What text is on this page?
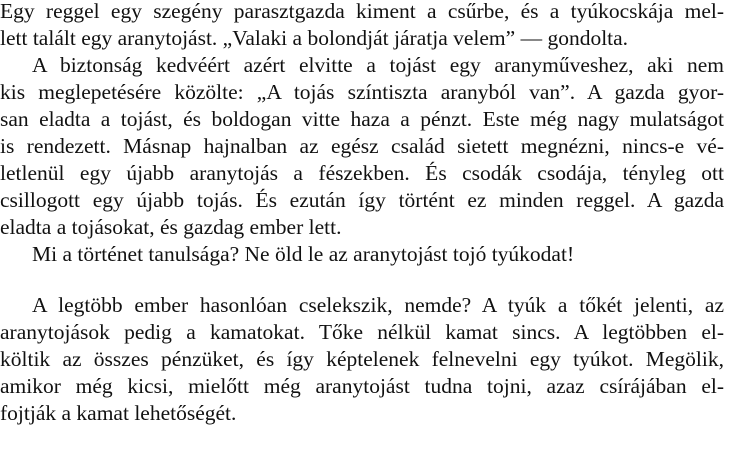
Egy reggel egy szegény parasztgazda kiment a csűrbe, és a tyúkocskája mel-
lett talált egy aranytojást. „Valaki a bolondját járatja velem” — gondolta.
A biztonság kedvéért azért elvitte a tojást egy aranyműveshez, aki nem
kis meglepetésére közölte: „A tojás színtiszta aranyból van”. A gazda gyor-
san eladta a tojást, és boldogan vitte haza a pénzt. Este még nagy mulatságot
is rendezett. Másnap hajnalban az egész család sietett megnézni, nincs-e vé-
letlenül egy újabb aranytojás a fészekben. És csodák csodája, tényleg ott
csillogott egy újabb tojás. És ezután így történt ez minden reggel. A gazda
eladta a tojásokat, és gazdag ember lett.
Mi a történet tanulsága? Ne öld le az aranytojást tojó tyúkodat!
A legtöbb ember hasonlóan cselekszik, nemde? A tyúk a tőkét jelenti, az
aranytojások pedig a kamatokat. Tőke nélkül kamat sincs. A legtöbben el-
költik az összes pénzüket, és így képtelenek felnevelni egy tyúkot. Megölik,
amikor még kicsi, mielőtt még aranytojást tudna tojni, azaz csírájában el-
fojtják a kamat lehetőségét.
